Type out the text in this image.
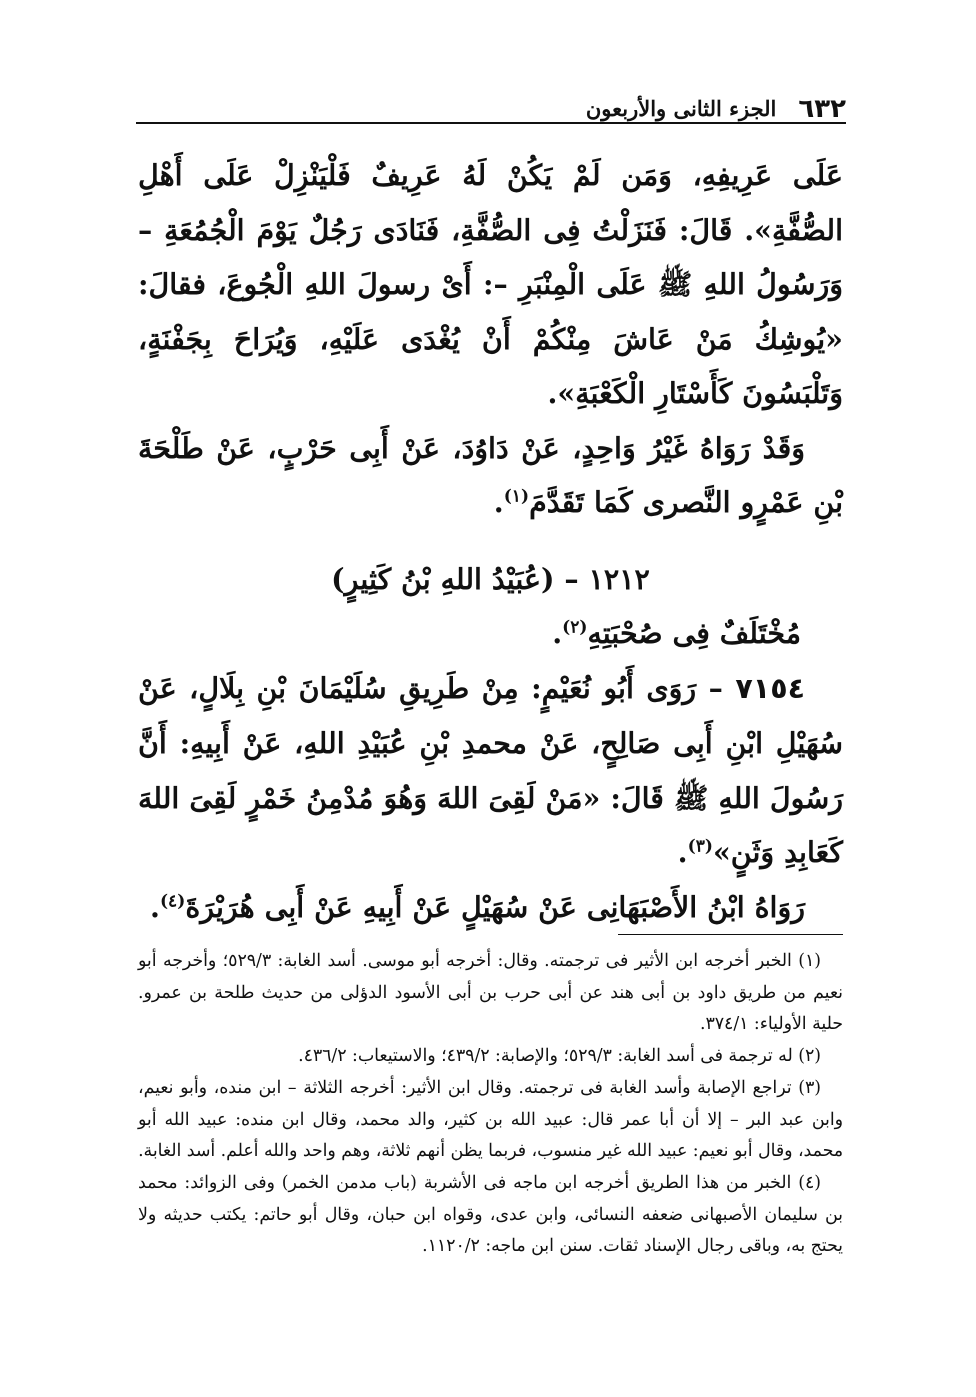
٦٣٢
الجزء الثانى والأربعون

عَلَى عَرِيفِهِ، وَمَن لَمْ يَكُنْ لَهُ عَرِيفٌ فَلْيَنْزِلْ عَلَى أَهْلِ الصُّفَّةِ». قَالَ: فَنَزَلْتُ فِى الصُّفَّةِ، فَنَادَى رَجُلٌ يَوْمَ الْجُمُعَةِ – وَرَسُولُ اللهِ ﷺ عَلَى الْمِنْبَرِ –: أَىْ رسولَ اللهِ الْجُوعَ، فقالَ: «يُوشِكُ مَنْ عَاشَ مِنْكُمْ أَنْ يُغْدَى عَلَيْهِ، وَيُرَاحَ بِجَفْنَةٍ، وَتَلْبَسُونَ كَأَسْتَارِ الْكَعْبَةِ».

وَقَدْ رَوَاهُ غَيْرُ وَاحِدٍ، عَنْ دَاوُدَ، عَنْ أَبِى حَرْبٍ، عَنْ طَلْحَةَ بْنِ عَمْرٍو النَّصرى كَمَا تَقَدَّمَ$^{(١)}$.

١٢١٢ – (عُبَيْدُ اللهِ بْنُ كَثِيرٍ)
مُخْتَلَفٌ فِى صُحْبَتِهِ$^{(٢)}$.

٧١٥٤ – رَوَى أَبُو نُعَيْمٍ: مِنْ طَرِيقِ سُلَيْمَانَ بْنِ بِلَالٍ، عَنْ سُهَيْلِ ابْنِ أَبِى صَالِحٍ، عَنْ محمدِ بْنِ عُبَيْدِ اللهِ، عَنْ أَبِيهِ: أَنَّ رَسُولَ اللهِ ﷺ قَالَ: «مَنْ لَقِىَ اللهَ وَهُوَ مُدْمِنُ خَمْرٍ لَقِىَ اللهَ كَعَابِدِ وَثَنٍ»$^{(٣)}$.

رَوَاهُ ابْنُ الأَصْبَهَانِى عَنْ سُهَيْلٍ عَنْ أَبِيهِ عَنْ أَبِى هُرَيْرَةَ$^{(٤)}$.

(١) الخبر أخرجه ابن الأثير فى ترجمته. وقال: أخرجه أبو موسى. أسد الغابة: ٥٢٩/٣؛ وأخرجه أبو نعيم من طريق داود بن أبى هند عن أبى حرب بن أبى الأسود الدؤلى من حديث طلحة بن عمرو. حلية الأولياء: ٣٧٤/١.

(٢) له ترجمة فى أسد الغابة: ٥٢٩/٣؛ والإصابة: ٤٣٩/٢؛ والاستيعاب: ٤٣٦/٢.

(٣) تراجع الإصابة وأسد الغابة فى ترجمته. وقال ابن الأثير: أخرجه الثلاثة – ابن منده، وأبو نعيم، وابن عبد البر – إلا أن أبا عمر قال: عبيد الله بن كثير، والد محمد، وقال ابن منده: عبيد الله أبو محمد، وقال أبو نعيم: عبيد الله غير منسوب، فربما يظن أنهم ثلاثة، وهم واحد والله أعلم. أسد الغابة.

(٤) الخبر من هذا الطريق أخرجه ابن ماجه فى الأشربة (باب مدمن الخمر) وفى الزوائد: محمد بن سليمان الأصبهانى ضعفه النسائى، وابن عدى، وقواه ابن حبان، وقال أبو حاتم: يكتب حديثه ولا يحتج به، وباقى رجال الإسناد ثقات. سنن ابن ماجه: ١١٢٠/٢.
